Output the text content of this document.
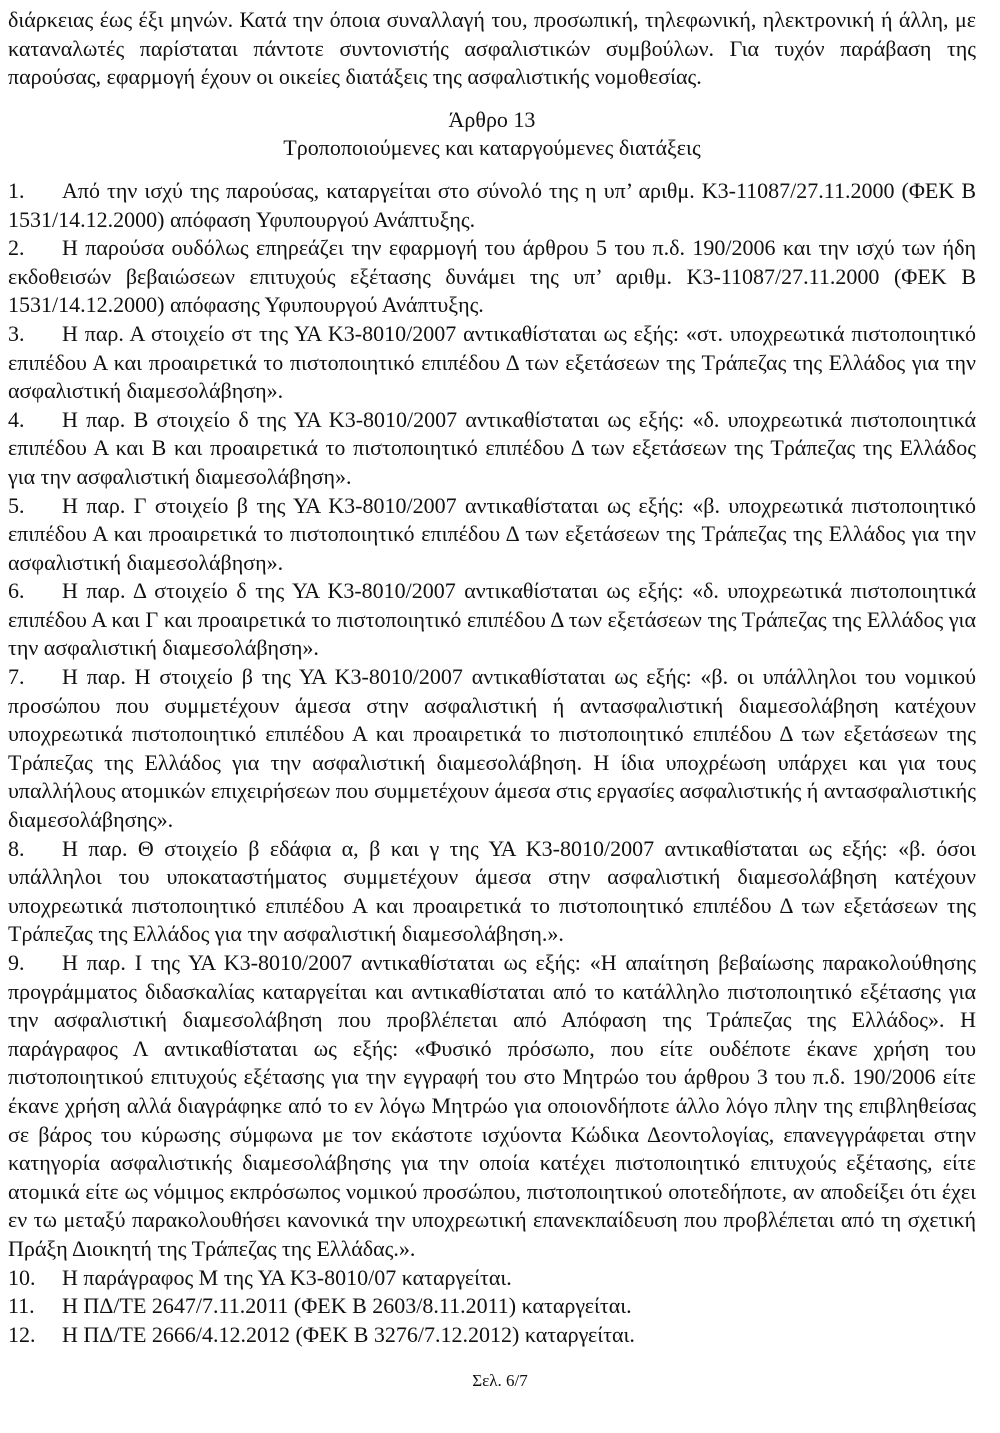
διάρκειας έως έξι μηνών. Κατά την όποια συναλλαγή του, προσωπική, τηλεφωνική, ηλεκτρονική ή άλλη, με καταναλωτές παρίσταται πάντοτε συντονιστής ασφαλιστικών συμβούλων. Για τυχόν παράβαση της παρούσας, εφαρμογή έχουν οι οικείες διατάξεις της ασφαλιστικής νομοθεσίας.

Άρθρο 13
Τροποποιούμενες και καταργούμενες διατάξεις

1. Από την ισχύ της παρούσας, καταργείται στο σύνολό της η υπ’ αριθμ. Κ3-11087/27.11.2000 (ΦΕΚ Β 1531/14.12.2000) απόφαση Υφυπουργού Ανάπτυξης.

2. Η παρούσα ουδόλως επηρεάζει την εφαρμογή του άρθρου 5 του π.δ. 190/2006 και την ισχύ των ήδη εκδοθεισών βεβαιώσεων επιτυχούς εξέτασης δυνάμει της υπ’ αριθμ. Κ3-11087/27.11.2000 (ΦΕΚ Β 1531/14.12.2000) απόφασης Υφυπουργού Ανάπτυξης.

3. Η παρ. Α στοιχείο στ της ΥΑ Κ3-8010/2007 αντικαθίσταται ως εξής: «στ. υποχρεωτικά πιστοποιητικό επιπέδου Α και προαιρετικά το πιστοποιητικό επιπέδου Δ των εξετάσεων της Τράπεζας της Ελλάδος για την ασφαλιστική διαμεσολάβηση».

4. Η παρ. Β στοιχείο δ της ΥΑ Κ3-8010/2007 αντικαθίσταται ως εξής: «δ. υποχρεωτικά πιστοποιητικά επιπέδου Α και Β και προαιρετικά το πιστοποιητικό επιπέδου Δ των εξετάσεων της Τράπεζας της Ελλάδος για την ασφαλιστική διαμεσολάβηση».

5. Η παρ. Γ στοιχείο β της ΥΑ Κ3-8010/2007 αντικαθίσταται ως εξής: «β. υποχρεωτικά πιστοποιητικό επιπέδου Α και προαιρετικά το πιστοποιητικό επιπέδου Δ των εξετάσεων της Τράπεζας της Ελλάδος για την ασφαλιστική διαμεσολάβηση».

6. Η παρ. Δ στοιχείο δ της ΥΑ Κ3-8010/2007 αντικαθίσταται ως εξής: «δ. υποχρεωτικά πιστοποιητικά επιπέδου Α και Γ και προαιρετικά το πιστοποιητικό επιπέδου Δ των εξετάσεων της Τράπεζας της Ελλάδος για την ασφαλιστική διαμεσολάβηση».

7. Η παρ. Η στοιχείο β της ΥΑ Κ3-8010/2007 αντικαθίσταται ως εξής: «β. οι υπάλληλοι του νομικού προσώπου που συμμετέχουν άμεσα στην ασφαλιστική ή αντασφαλιστική διαμεσολάβηση κατέχουν υποχρεωτικά πιστοποιητικό επιπέδου Α και προαιρετικά το πιστοποιητικό επιπέδου Δ των εξετάσεων της Τράπεζας της Ελλάδος για την ασφαλιστική διαμεσολάβηση. Η ίδια υποχρέωση υπάρχει και για τους υπαλλήλους ατομικών επιχειρήσεων που συμμετέχουν άμεσα στις εργασίες ασφαλιστικής ή αντασφαλιστικής διαμεσολάβησης».

8. Η παρ. Θ στοιχείο β εδάφια α, β και γ της ΥΑ Κ3-8010/2007 αντικαθίσταται ως εξής: «β. όσοι υπάλληλοι του υποκαταστήματος συμμετέχουν άμεσα στην ασφαλιστική διαμεσολάβηση κατέχουν υποχρεωτικά πιστοποιητικό επιπέδου Α και προαιρετικά το πιστοποιητικό επιπέδου Δ των εξετάσεων της Τράπεζας της Ελλάδος για την ασφαλιστική διαμεσολάβηση.».

9. Η παρ. Ι της ΥΑ Κ3-8010/2007 αντικαθίσταται ως εξής: «Η απαίτηση βεβαίωσης παρακολούθησης προγράμματος διδασκαλίας καταργείται και αντικαθίσταται από το κατάλληλο πιστοποιητικό εξέτασης για την ασφαλιστική διαμεσολάβηση που προβλέπεται από Απόφαση της Τράπεζας της Ελλάδος». Η παράγραφος Λ αντικαθίσταται ως εξής: «Φυσικό πρόσωπο, που είτε ουδέποτε έκανε χρήση του πιστοποιητικού επιτυχούς εξέτασης για την εγγραφή του στο Μητρώο του άρθρου 3 του π.δ. 190/2006 είτε έκανε χρήση αλλά διαγράφηκε από το εν λόγω Μητρώο για οποιονδήποτε άλλο λόγο πλην της επιβληθείσας σε βάρος του κύρωσης σύμφωνα με τον εκάστοτε ισχύοντα Κώδικα Δεοντολογίας, επανεγγράφεται στην κατηγορία ασφαλιστικής διαμεσολάβησης για την οποία κατέχει πιστοποιητικό επιτυχούς εξέτασης, είτε ατομικά είτε ως νόμιμος εκπρόσωπος νομικού προσώπου, πιστοποιητικού οποτεδήποτε, αν αποδείξει ότι έχει εν τω μεταξύ παρακολουθήσει κανονικά την υποχρεωτική επανεκπαίδευση που προβλέπεται από τη σχετική Πράξη Διοικητή της Τράπεζας της Ελλάδας.».

10. Η παράγραφος Μ της ΥΑ Κ3-8010/07 καταργείται.

11. Η ΠΔ/ΤΕ 2647/7.11.2011 (ΦΕΚ Β 2603/8.11.2011) καταργείται.

12. Η ΠΔ/ΤΕ 2666/4.12.2012 (ΦΕΚ Β 3276/7.12.2012) καταργείται.

Σελ. 6/7
